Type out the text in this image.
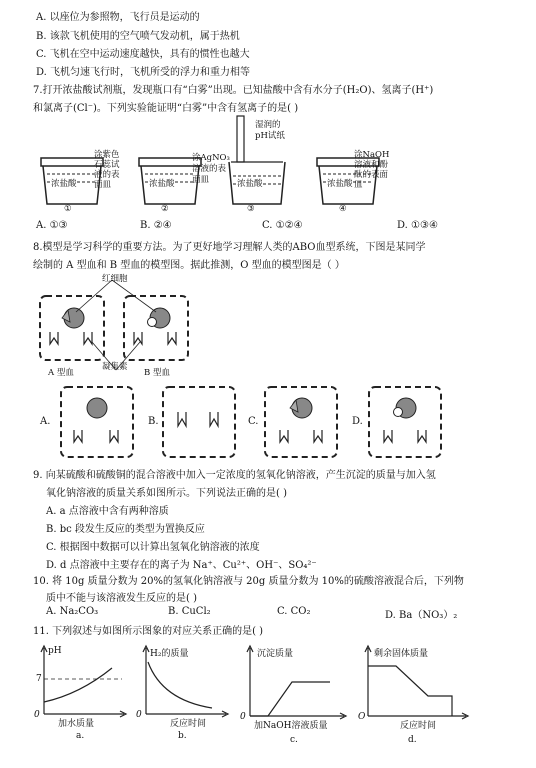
A. 以座位为参照物，飞行员是运动的
B. 该款飞机使用的空气喷气发动机，属于热机
C. 飞机在空中运动速度越快，具有的惯性也越大
D. 飞机匀速飞行时，飞机所受的浮力和重力相等
7.打开浓盐酸试剂瓶，发现瓶口有“白雾”出现。已知盐酸中含有水分子(H₂O)、氢离子(H⁺)
和氯离子(Cl⁻)。下列实验能证明“白雾”中含有氢离子的是( )
浓盐酸	浓盐酸	浓盐酸	浓盐酸
湿润的
pH试纸
涂紫色
石蕊试
液的表
面皿
涂AgNO₃
溶液的表
面皿
涂NaOH
溶液和酚
酞的表面
皿
①	②	③	④
A. ①③	B. ②④	C. ①②④	D. ①③④
8.模型是学习科学的重要方法。为了更好地学习理解人类的ABO血型系统，下图是某同学
绘制的 A 型血和 B 型血的模型图。据此推测，O 型血的模型图是（ ）
红细胞
A 型血
凝集素
B 型血
A.	B.	C.	D.
9. 向某硫酸和硫酸铜的混合溶液中加入一定浓度的氢氧化钠溶液，产生沉淀的质量与加入氢
氧化钠溶液的质量关系如图所示。下列说法正确的是( )
A. a 点溶液中含有两种溶质
B. bc 段发生反应的类型为置换反应
C. 根据图中数据可以计算出氢氧化钠溶液的浓度
D. d 点溶液中主要存在的离子为 Na⁺、Cu²⁺、OH⁻、SO₄²⁻
10. 将 10g 质量分数为 20%的氢氧化钠溶液与 20g 质量分数为 10%的硫酸溶液混合后，下列物
质中不能与该溶液发生反应的是( )
A. Na₂CO₃	B. CuCl₂	C. CO₂	D. Ba（NO₃）₂
11. 下列叙述与如图所示图象的对应关系正确的是( )
pH
7
0
加水质量
a.
H₂的质量
0
反应时间
b.
沉淀质量
0
加NaOH溶液质量
c.
剩余固体质量
O
反应时间
d.
